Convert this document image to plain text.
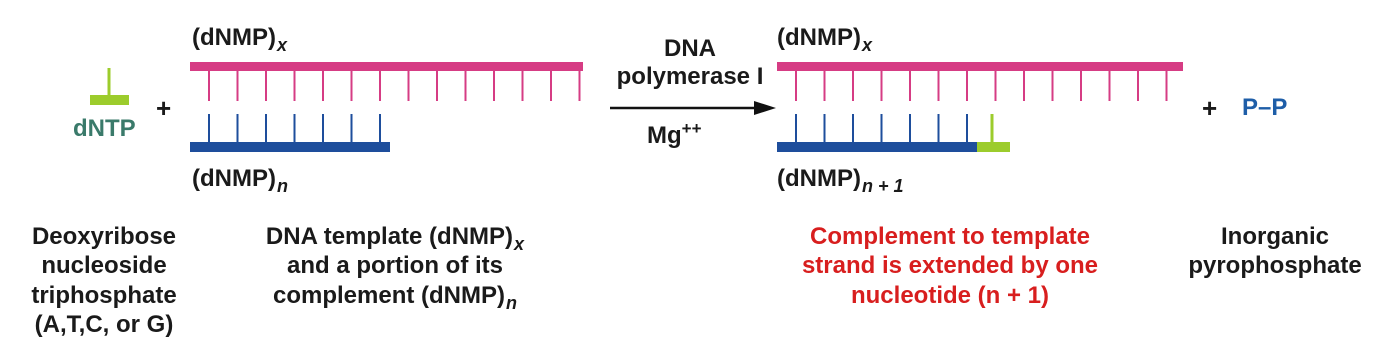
dNTP
+
$(dNMP)_x$
$(dNMP)_n$
DNA
polymerase I
Mg++
$(dNMP)_x$
$(dNMP)_{n + 1}$
+ P–P
Deoxyribose
nucleoside
triphosphate
(A,T,C, or G)
DNA template $(dNMP)_x$
and a portion of its
complement $(dNMP)_n$
Complement to template
strand is extended by one
nucleotide (n + 1)
Inorganic
pyrophosphate
